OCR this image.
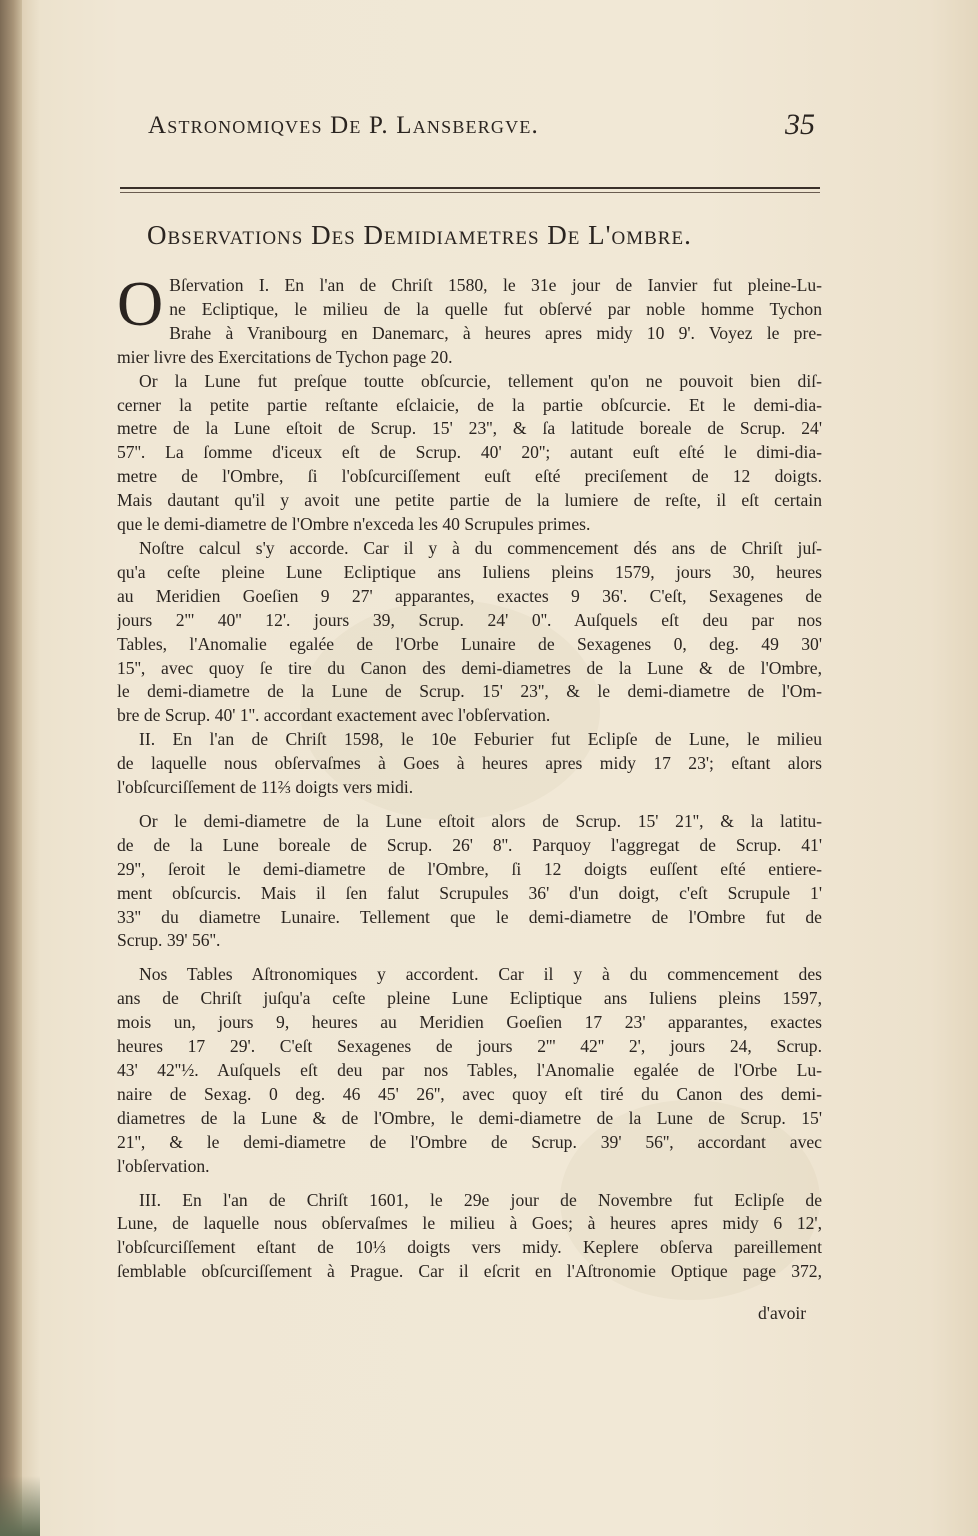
Astronomiqves De P. Lansbergve.	35
Observations Des Demidiametres De L'ombre.
O Bſervation I. En l'an de Chriſt 1580, le 31e jour de Ianvier fut pleine-Lu-
ne Ecliptique, le milieu de la quelle fut obſervé par noble homme Tychon
Brahe à Vranibourg en Danemarc, à heures apres midy 10 9'. Voyez le pre-
mier livre des Exercitations de Tychon page 20.
Or la Lune fut preſque toutte obſcurcie, tellement qu'on ne pouvoit bien diſ-
cerner la petite partie reſtante eſclaicie, de la partie obſcurcie. Et le demi-dia-
metre de la Lune eſtoit de Scrup. 15' 23'', & ſa latitude boreale de Scrup. 24'
57''. La ſomme d'iceux eſt de Scrup. 40' 20''; autant euſt eſté le dimi-dia-
metre de l'Ombre, ſi l'obſcurciſſement euſt eſté preciſement de 12 doigts.
Mais dautant qu'il y avoit une petite partie de la lumiere de reſte, il eſt certain
que le demi-diametre de l'Ombre n'exceda les 40 Scrupules primes.
Noſtre calcul s'y accorde. Car il y à du commencement dés ans de Chriſt juſ-
qu'a ceſte pleine Lune Ecliptique ans Iuliens pleins 1579, jours 30, heures
au Meridien Goeſien 9 27' apparantes, exactes 9 36'. C'eſt, Sexagenes de
jours 2''' 40'' 12'. jours 39, Scrup. 24' 0''. Auſquels eſt deu par nos
Tables, l'Anomalie egalée de l'Orbe Lunaire de Sexagenes 0, deg. 49 30'
15'', avec quoy ſe tire du Canon des demi-diametres de la Lune & de l'Ombre,
le demi-diametre de la Lune de Scrup. 15' 23'', & le demi-diametre de l'Om-
bre de Scrup. 40' 1''. accordant exactement avec l'obſervation.
II. En l'an de Chriſt 1598, le 10e Feburier fut Eclipſe de Lune, le milieu
de laquelle nous obſervaſmes à Goes à heures apres midy 17 23'; eſtant alors
l'obſcurciſſement de 11⅔ doigts vers midi.
Or le demi-diametre de la Lune eſtoit alors de Scrup. 15' 21'', & la latitu-
de de la Lune boreale de Scrup. 26' 8''. Parquoy l'aggregat de Scrup. 41'
29'', ſeroit le demi-diametre de l'Ombre, ſi 12 doigts euſſent eſté entiere-
ment obſcurcis. Mais il ſen falut Scrupules 36' d'un doigt, c'eſt Scrupule 1'
33'' du diametre Lunaire. Tellement que le demi-diametre de l'Ombre fut de
Scrup. 39' 56''.
Nos Tables Aſtronomiques y accordent. Car il y à du commencement des
ans de Chriſt juſqu'a ceſte pleine Lune Ecliptique ans Iuliens pleins 1597,
mois un, jours 9, heures au Meridien Goeſien 17 23' apparantes, exactes
heures 17 29'. C'eſt Sexagenes de jours 2''' 42'' 2', jours 24, Scrup.
43' 42''½. Auſquels eſt deu par nos Tables, l'Anomalie egalée de l'Orbe Lu-
naire de Sexag. 0 deg. 46 45' 26'', avec quoy eſt tiré du Canon des demi-
diametres de la Lune & de l'Ombre, le demi-diametre de la Lune de Scrup. 15'
21'', & le demi-diametre de l'Ombre de Scrup. 39' 56'', accordant avec
l'obſervation.
III. En l'an de Chriſt 1601, le 29e jour de Novembre fut Eclipſe de
Lune, de laquelle nous obſervaſmes le milieu à Goes; à heures apres midy 6 12',
l'obſcurciſſement eſtant de 10⅓ doigts vers midy. Keplere obſerva pareillement
ſemblable obſcurciſſement à Prague. Car il eſcrit en l'Aſtronomie Optique page 372,
d'avoir
